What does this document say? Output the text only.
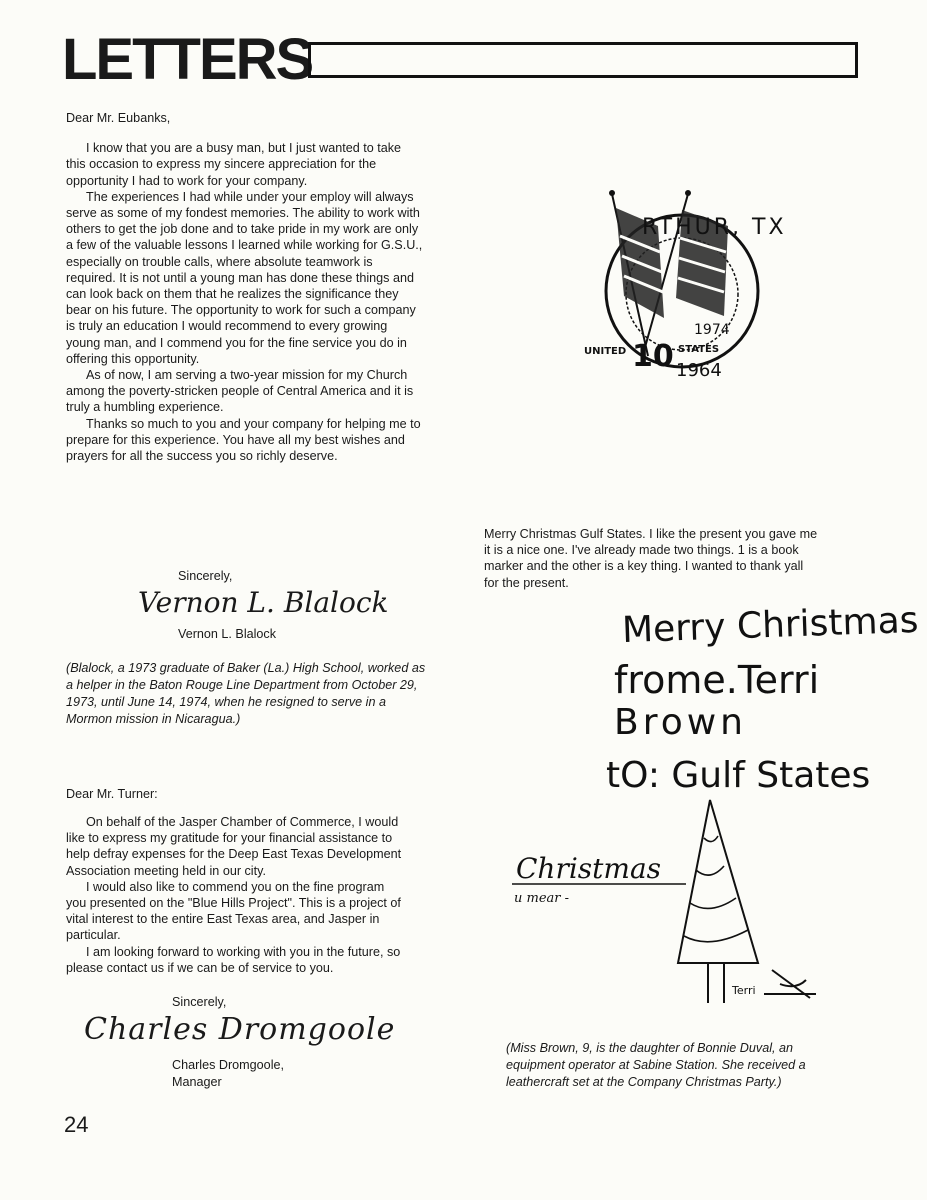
LETTERS

Dear Mr. Eubanks,

I know that you are a busy man, but I just wanted to take this occasion to express my sincere appreciation for the opportunity I had to work for your company.

The experiences I had while under your employ will always serve as some of my fondest memories. The ability to work with others to get the job done and to take pride in my work are only a few of the valuable lessons I learned while working for G.S.U., especially on trouble calls, where absolute teamwork is required. It is not until a young man has done these things and can look back on them that he realizes the significance they bear on his future. The opportunity to work for such a company is truly an education I would recommend to every growing young man, and I commend you for the fine service you do in offering this opportunity.

As of now, I am serving a two-year mission for my Church among the poverty-stricken people of Central America and it is truly a humbling experience.

Thanks so much to you and your company for helping me to prepare for this experience. You have all my best wishes and prayers for all the success you so richly deserve.

Sincerely,
Vernon L. Blalock
Vernon L. Blalock
(Blalock, a 1973 graduate of Baker (La.) High School, worked as a helper in the Baton Rouge Line Department from October 29, 1973, until June 14, 1974, when he resigned to serve in a Mormon mission in Nicaragua.)
Dear Mr. Turner:

On behalf of the Jasper Chamber of Commerce, I would like to express my gratitude for your financial assistance to help defray expenses for the Deep East Texas Development Association meeting held in our city.

I would also like to commend you on the fine program you presented on the "Blue Hills Project". This is a project of vital interest to the entire East Texas area, and Jasper in particular.

I am looking forward to working with you in the future, so please contact us if we can be of service to you.

Sincerely,
Charles Dromgoole
Charles Dromgoole,
Manager
RTHUR, TX
1974
UNITED 10 STATES
1964
Merry Christmas Gulf States. I like the present you gave me it is a nice one. I've already made two things. 1 is a book marker and the other is a key thing. I wanted to thank yall for the present.
Merry Christmas
frome.Terri
Brown
tO: Gulf States
Christmas
u mear -
Terri
(Miss Brown, 9, is the daughter of Bonnie Duval, an equipment operator at Sabine Station. She received a leathercraft set at the Company Christmas Party.)
24
